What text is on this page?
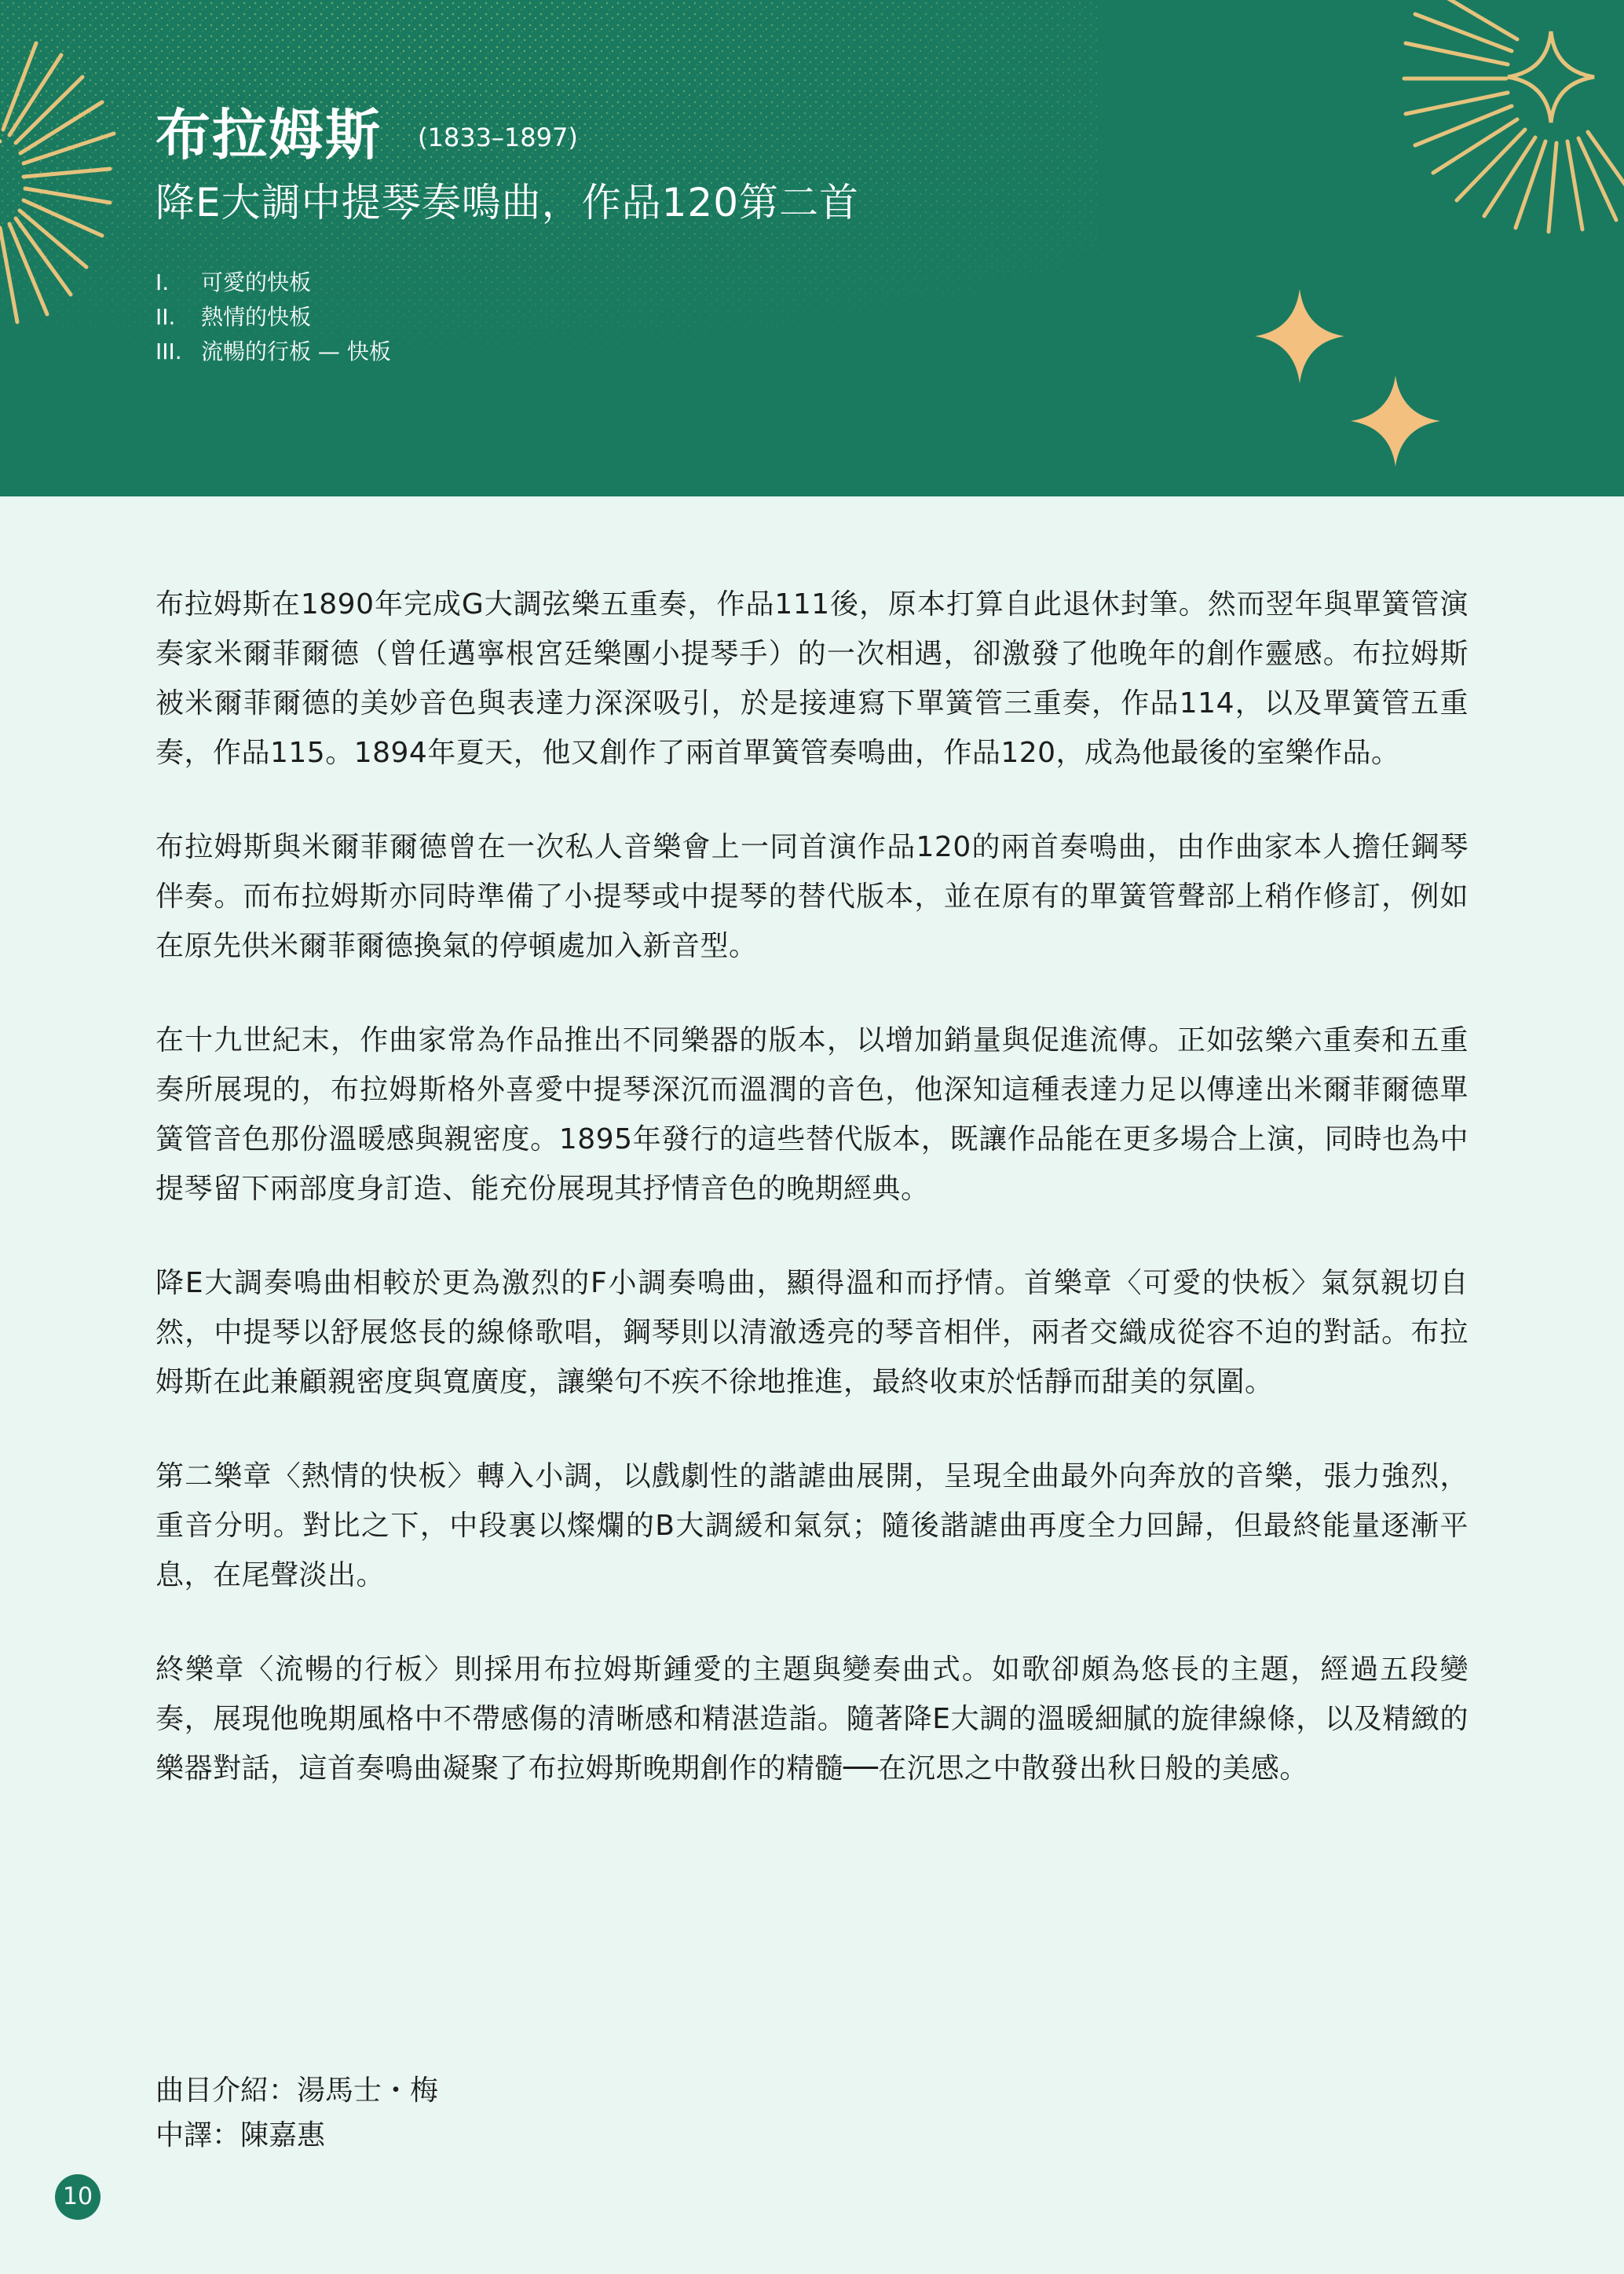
布拉姆斯 (1833–1897)
降E大調中提琴奏鳴曲，作品120第二首
I. 可愛的快板
II. 熱情的快板
III. 流暢的行板 — 快板

布拉姆斯在1890年完成G大調弦樂五重奏，作品111後，原本打算自此退休封筆。然而翌年與單簧管演奏家米爾菲爾德（曾任邁寧根宮廷樂團小提琴手）的一次相遇，卻激發了他晚年的創作靈感。布拉姆斯被米爾菲爾德的美妙音色與表達力深深吸引，於是接連寫下單簧管三重奏，作品114，以及單簧管五重奏，作品115。1894年夏天，他又創作了兩首單簧管奏鳴曲，作品120，成為他最後的室樂作品。

布拉姆斯與米爾菲爾德曾在一次私人音樂會上一同首演作品120的兩首奏鳴曲，由作曲家本人擔任鋼琴伴奏。而布拉姆斯亦同時準備了小提琴或中提琴的替代版本，並在原有的單簧管聲部上稍作修訂，例如在原先供米爾菲爾德換氣的停頓處加入新音型。

在十九世紀末，作曲家常為作品推出不同樂器的版本，以增加銷量與促進流傳。正如弦樂六重奏和五重奏所展現的，布拉姆斯格外喜愛中提琴深沉而溫潤的音色，他深知這種表達力足以傳達出米爾菲爾德單簧管音色那份溫暖感與親密度。1895年發行的這些替代版本，既讓作品能在更多場合上演，同時也為中提琴留下兩部度身訂造、能充份展現其抒情音色的晚期經典。

降E大調奏鳴曲相較於更為激烈的F小調奏鳴曲，顯得溫和而抒情。首樂章〈可愛的快板〉氣氛親切自然，中提琴以舒展悠長的線條歌唱，鋼琴則以清澈透亮的琴音相伴，兩者交織成從容不迫的對話。布拉姆斯在此兼顧親密度與寬廣度，讓樂句不疾不徐地推進，最終收束於恬靜而甜美的氛圍。

第二樂章〈熱情的快板〉轉入小調，以戲劇性的諧謔曲展開，呈現全曲最外向奔放的音樂，張力強烈，重音分明。對比之下，中段裏以燦爛的B大調緩和氣氛；隨後諧謔曲再度全力回歸，但最終能量逐漸平息，在尾聲淡出。

終樂章〈流暢的行板〉則採用布拉姆斯鍾愛的主題與變奏曲式。如歌卻頗為悠長的主題，經過五段變奏，展現他晚期風格中不帶感傷的清晰感和精湛造詣。隨著降E大調的溫暖細膩的旋律線條，以及精緻的樂器對話，這首奏鳴曲凝聚了布拉姆斯晚期創作的精髓──在沉思之中散發出秋日般的美感。

曲目介紹：湯馬士・梅
中譯：陳嘉惠
10
